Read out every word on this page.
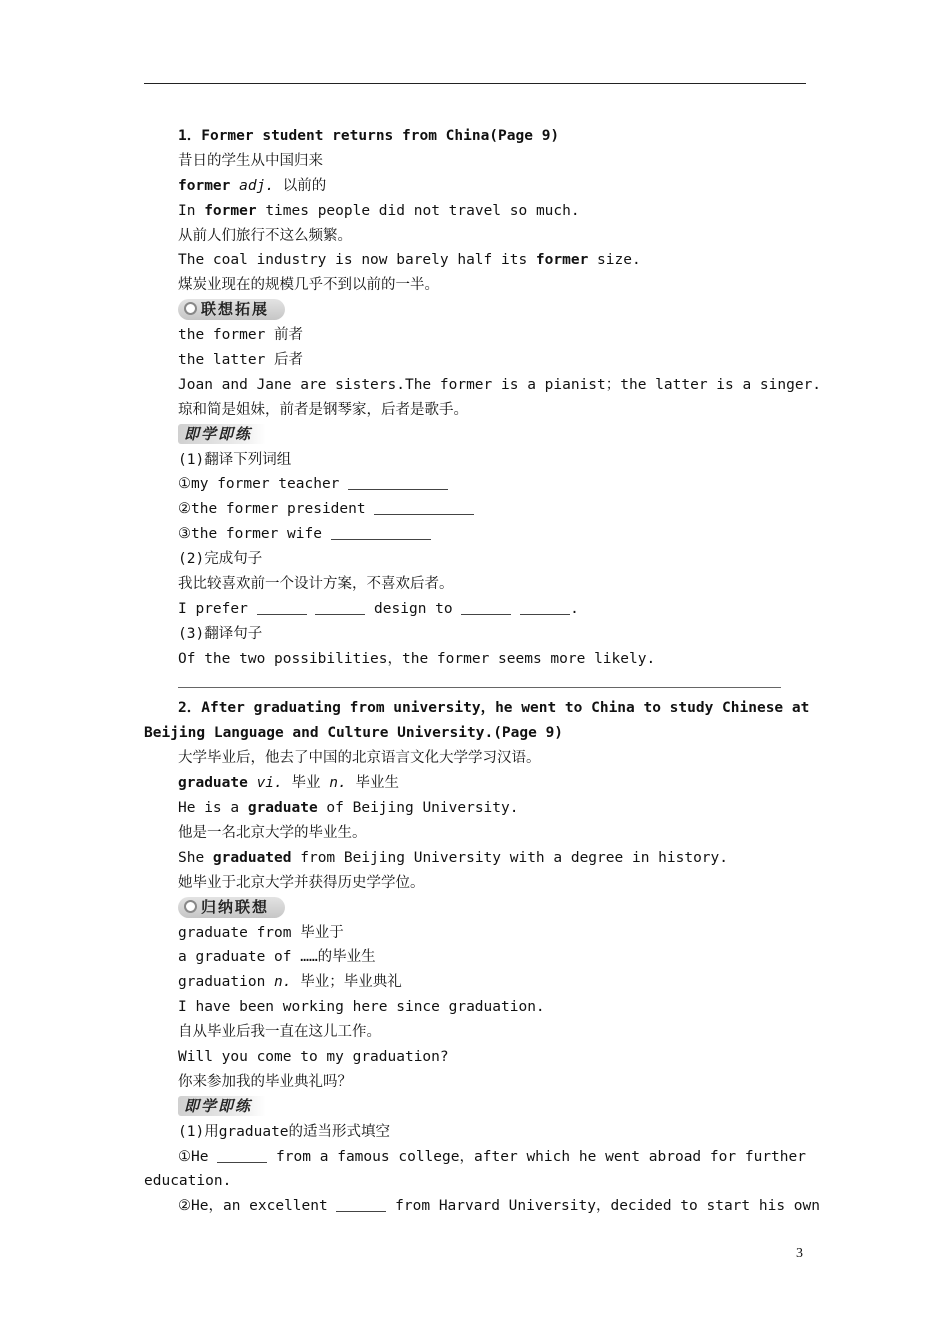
1．Former student returns from China(Page 9)
昔日的学生从中国归来
former adj. 以前的
In former times people did not travel so much.
从前人们旅行不这么频繁。
The coal industry is now barely half its former size.
煤炭业现在的规模几乎不到以前的一半。
联想拓展
the former 前者
the latter 后者
Joan and Jane are sisters.The former is a pianist；the latter is a singer.
琼和简是姐妹，前者是钢琴家，后者是歌手。
即学即练
(1)翻译下列词组
①my former teacher
②the former president
③the former wife
(2)完成句子
我比较喜欢前一个设计方案，不喜欢后者。
I prefer	design to	.
(3)翻译句子
Of the two possibilities，the former seems more likely.
2．After graduating from university，he went to China to study Chinese at
Beijing Language and Culture University.(Page 9)
大学毕业后，他去了中国的北京语言文化大学学习汉语。
graduate vi. 毕业 n. 毕业生
He is a graduate of Beijing University.
他是一名北京大学的毕业生。
She graduated from Beijing University with a degree in history.
她毕业于北京大学并获得历史学学位。
归纳联想
graduate from 毕业于
a graduate of ……的毕业生
graduation n. 毕业；毕业典礼
I have been working here since graduation.
自从毕业后我一直在这儿工作。
Will you come to my graduation?
你来参加我的毕业典礼吗？
即学即练
(1)用graduate的适当形式填空
①He	from a famous college，after which he went abroad for further
education.
②He，an excellent	from Harvard University，decided to start his own
3
